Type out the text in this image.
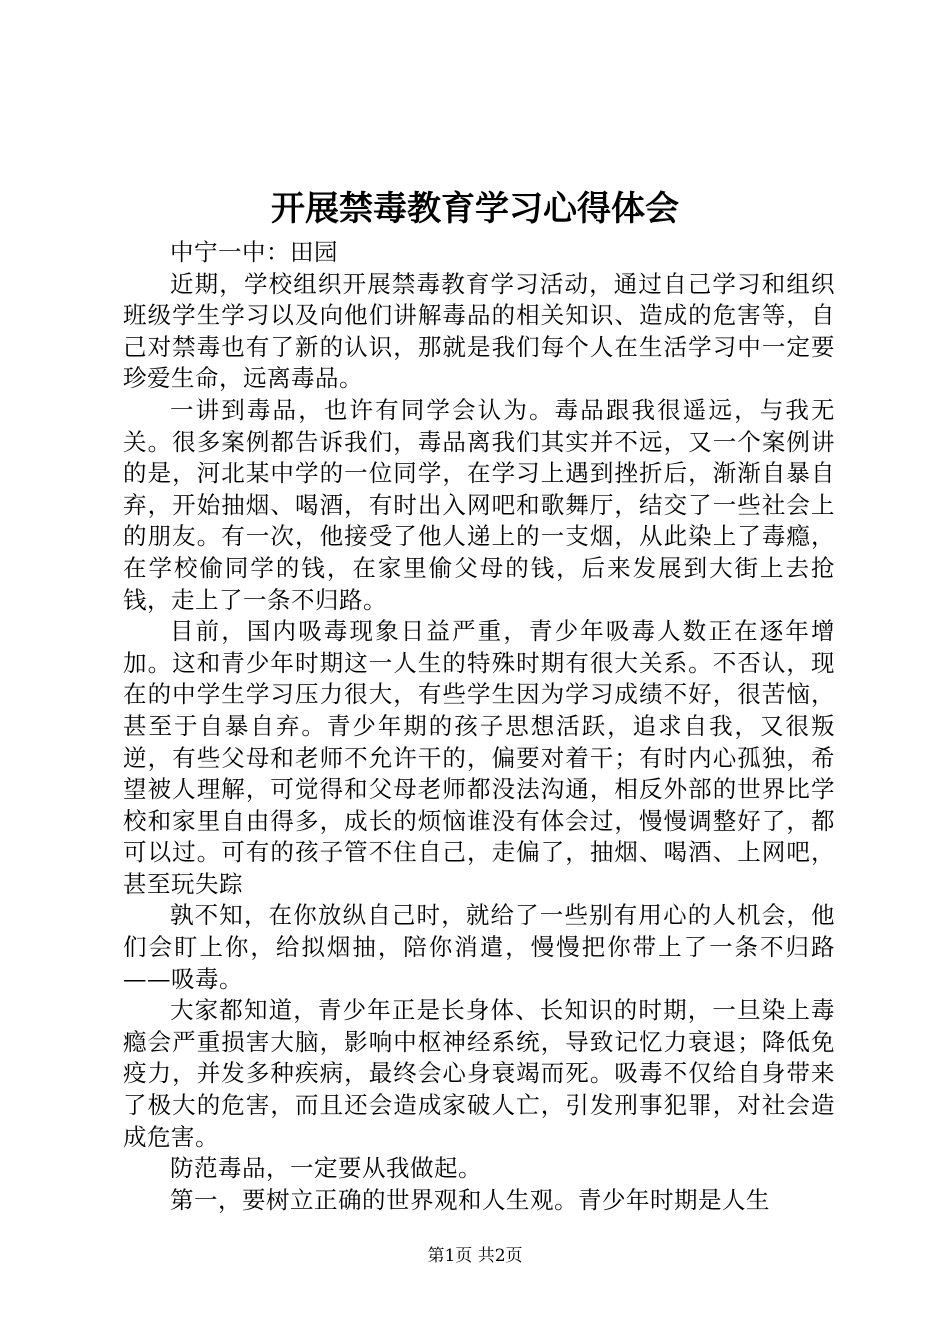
开展禁毒教育学习心得体会

中宁一中：田园

近期，学校组织开展禁毒教育学习活动，通过自己学习和组织班级学生学习以及向他们讲解毒品的相关知识、造成的危害等，自己对禁毒也有了新的认识，那就是我们每个人在生活学习中一定要珍爱生命，远离毒品。

一讲到毒品，也许有同学会认为。毒品跟我很遥远，与我无关。很多案例都告诉我们，毒品离我们其实并不远，又一个案例讲的是，河北某中学的一位同学，在学习上遇到挫折后，渐渐自暴自弃，开始抽烟、喝酒，有时出入网吧和歌舞厅，结交了一些社会上的朋友。有一次，他接受了他人递上的一支烟，从此染上了毒瘾，在学校偷同学的钱，在家里偷父母的钱，后来发展到大街上去抢钱，走上了一条不归路。

目前，国内吸毒现象日益严重，青少年吸毒人数正在逐年增加。这和青少年时期这一人生的特殊时期有很大关系。不否认，现在的中学生学习压力很大，有些学生因为学习成绩不好，很苦恼，甚至于自暴自弃。青少年期的孩子思想活跃，追求自我，又很叛逆，有些父母和老师不允许干的，偏要对着干；有时内心孤独，希望被人理解，可觉得和父母老师都没法沟通，相反外部的世界比学校和家里自由得多，成长的烦恼谁没有体会过，慢慢调整好了，都可以过。可有的孩子管不住自己，走偏了，抽烟、喝酒、上网吧，甚至玩失踪

孰不知，在你放纵自己时，就给了一些别有用心的人机会，他们会盯上你，给拟烟抽，陪你消遣，慢慢把你带上了一条不归路——吸毒。

大家都知道，青少年正是长身体、长知识的时期，一旦染上毒瘾会严重损害大脑，影响中枢神经系统，导致记忆力衰退；降低免疫力，并发多种疾病，最终会心身衰竭而死。吸毒不仅给自身带来了极大的危害，而且还会造成家破人亡，引发刑事犯罪，对社会造成危害。

防范毒品，一定要从我做起。

第一，要树立正确的世界观和人生观。青少年时期是人生

第1页 共2页
